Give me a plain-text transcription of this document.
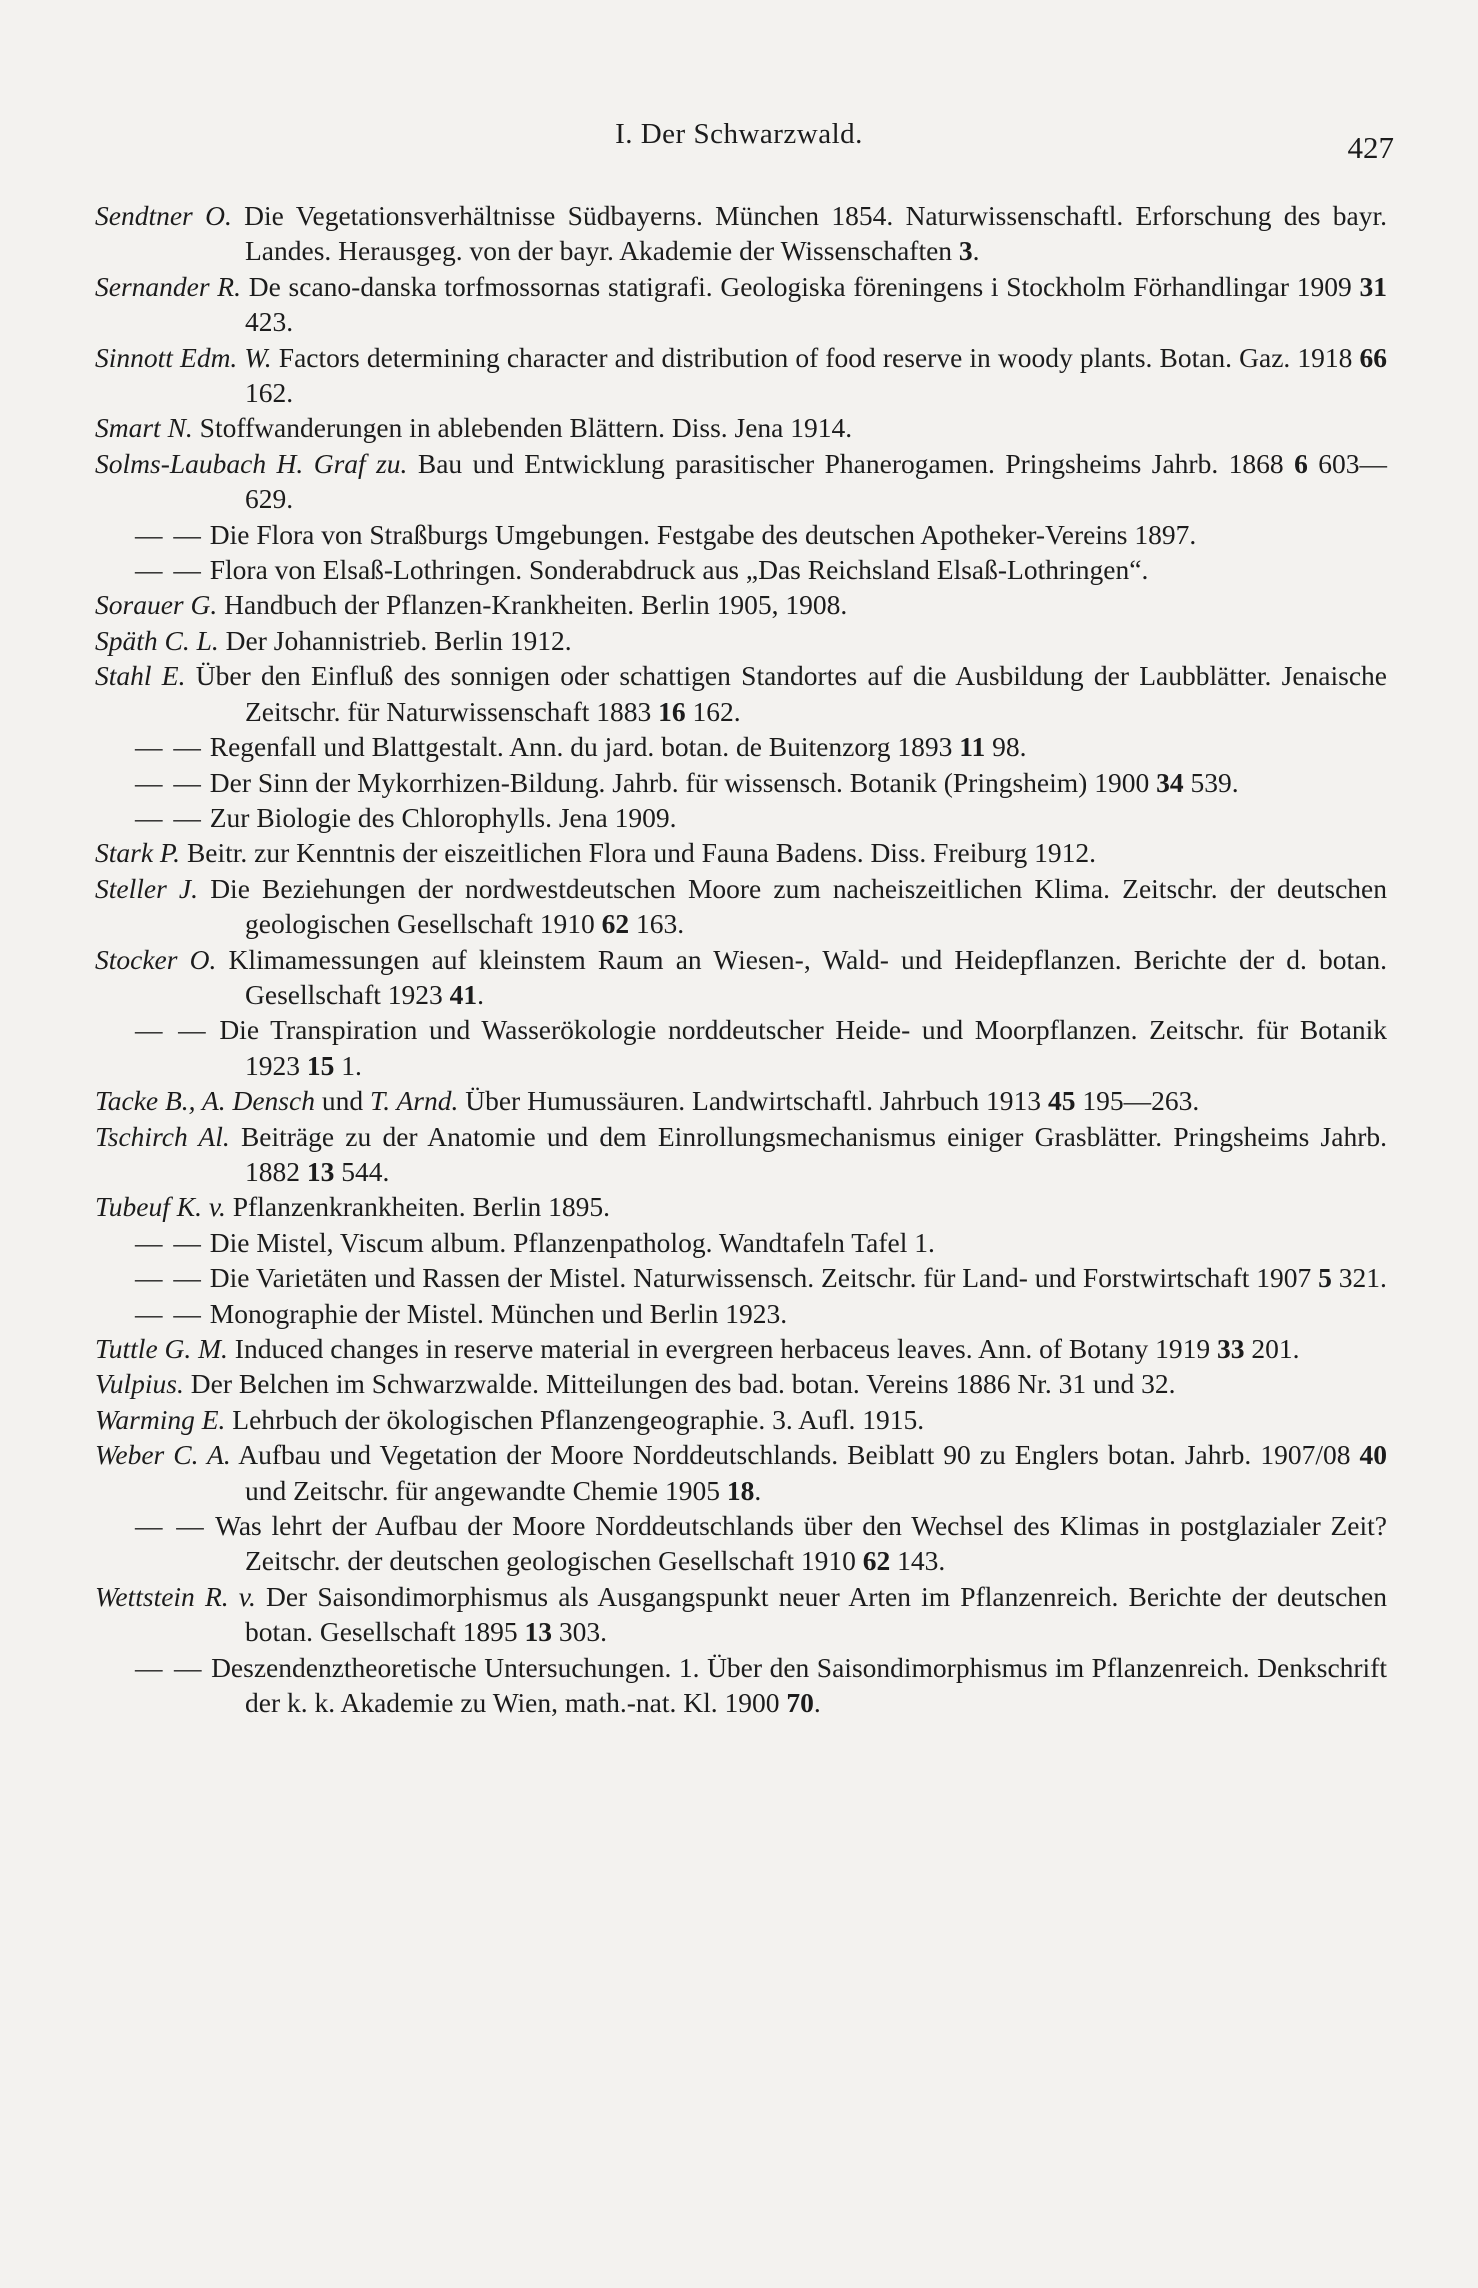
I. Der Schwarzwald.	427

Sendtner O. Die Vegetationsverhältnisse Südbayerns. München 1854. Naturwissenschaftl. Erforschung des bayr. Landes. Herausgeg. von der bayr. Akademie der Wissenschaften 3.

Sernander R. De scano-danska torfmossornas statigrafi. Geologiska föreningens i Stockholm Förhandlingar 1909 31 423.

Sinnott Edm. W. Factors determining character and distribution of food reserve in woody plants. Botan. Gaz. 1918 66 162.

Smart N. Stoffwanderungen in ablebenden Blättern. Diss. Jena 1914.

Solms-Laubach H. Graf zu. Bau und Entwicklung parasitischer Phanerogamen. Pringsheims Jahrb. 1868 6 603—629.

— — Die Flora von Straßburgs Umgebungen. Festgabe des deutschen Apotheker-Vereins 1897.

— — Flora von Elsaß-Lothringen. Sonderabdruck aus „Das Reichsland Elsaß-Lothringen“.

Sorauer G. Handbuch der Pflanzen-Krankheiten. Berlin 1905, 1908.

Späth C. L. Der Johannistrieb. Berlin 1912.

Stahl E. Über den Einfluß des sonnigen oder schattigen Standortes auf die Ausbildung der Laubblätter. Jenaische Zeitschr. für Naturwissenschaft 1883 16 162.

— — Regenfall und Blattgestalt. Ann. du jard. botan. de Buitenzorg 1893 11 98.

— — Der Sinn der Mykorrhizen-Bildung. Jahrb. für wissensch. Botanik (Pringsheim) 1900 34 539.

— — Zur Biologie des Chlorophylls. Jena 1909.

Stark P. Beitr. zur Kenntnis der eiszeitlichen Flora und Fauna Badens. Diss. Freiburg 1912.

Steller J. Die Beziehungen der nordwestdeutschen Moore zum nacheiszeitlichen Klima. Zeitschr. der deutschen geologischen Gesellschaft 1910 62 163.

Stocker O. Klimamessungen auf kleinstem Raum an Wiesen-, Wald- und Heidepflanzen. Berichte der d. botan. Gesellschaft 1923 41.

— — Die Transpiration und Wasserökologie norddeutscher Heide- und Moorpflanzen. Zeitschr. für Botanik 1923 15 1.

Tacke B., A. Densch und T. Arnd. Über Humussäuren. Landwirtschaftl. Jahrbuch 1913 45 195—263.

Tschirch Al. Beiträge zu der Anatomie und dem Einrollungsmechanismus einiger Grasblätter. Pringsheims Jahrb. 1882 13 544.

Tubeuf K. v. Pflanzenkrankheiten. Berlin 1895.

— — Die Mistel, Viscum album. Pflanzenpatholog. Wandtafeln Tafel 1.

— — Die Varietäten und Rassen der Mistel. Naturwissensch. Zeitschr. für Land- und Forstwirtschaft 1907 5 321.

— — Monographie der Mistel. München und Berlin 1923.

Tuttle G. M. Induced changes in reserve material in evergreen herbaceus leaves. Ann. of Botany 1919 33 201.

Vulpius. Der Belchen im Schwarzwalde. Mitteilungen des bad. botan. Vereins 1886 Nr. 31 und 32.

Warming E. Lehrbuch der ökologischen Pflanzengeographie. 3. Aufl. 1915.

Weber C. A. Aufbau und Vegetation der Moore Norddeutschlands. Beiblatt 90 zu Englers botan. Jahrb. 1907/08 40 und Zeitschr. für angewandte Chemie 1905 18.

— — Was lehrt der Aufbau der Moore Norddeutschlands über den Wechsel des Klimas in postglazialer Zeit? Zeitschr. der deutschen geologischen Gesellschaft 1910 62 143.

Wettstein R. v. Der Saisondimorphismus als Ausgangspunkt neuer Arten im Pflanzenreich. Berichte der deutschen botan. Gesellschaft 1895 13 303.

— — Deszendenztheoretische Untersuchungen. 1. Über den Saisondimorphismus im Pflanzenreich. Denkschrift der k. k. Akademie zu Wien, math.-nat. Kl. 1900 70.
